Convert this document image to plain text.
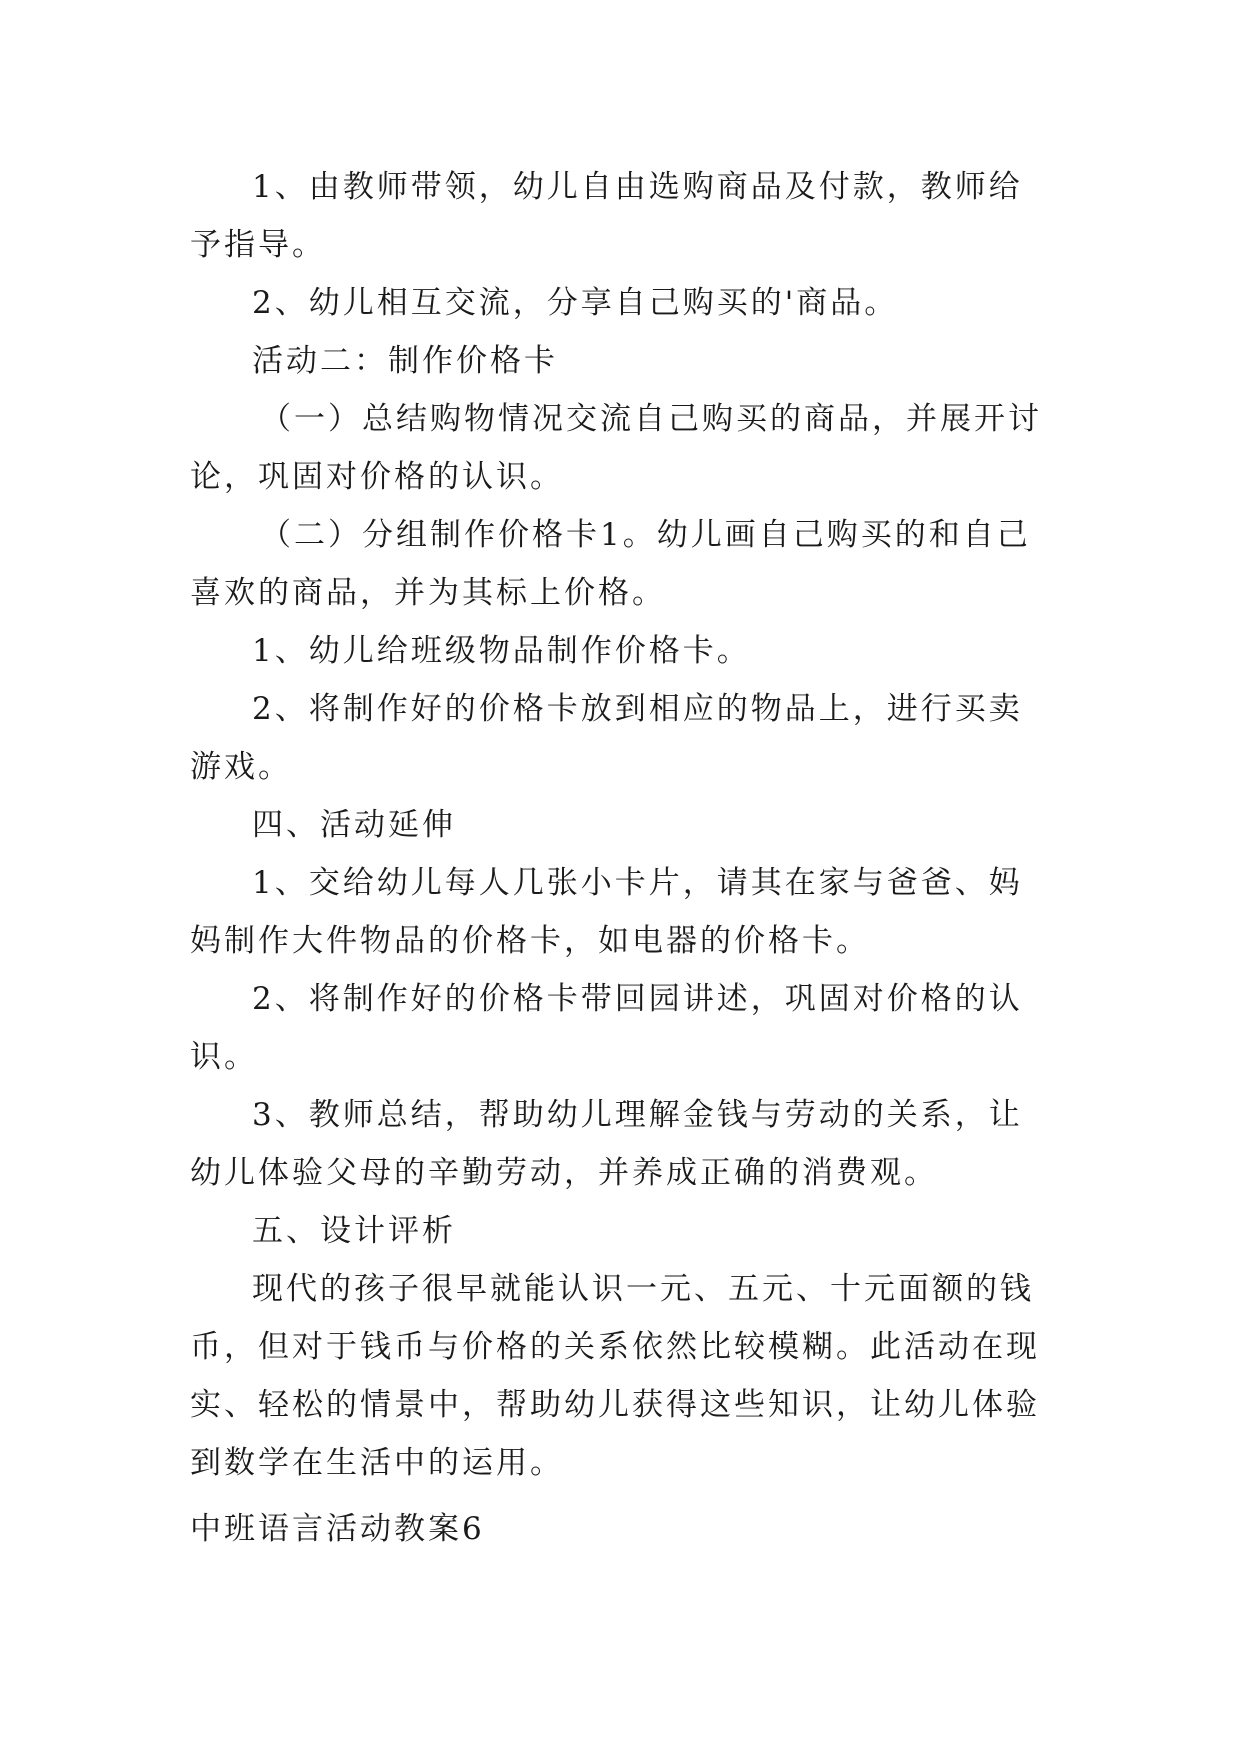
1、由教师带领，幼儿自由选购商品及付款，教师给予指导。

2、幼儿相互交流，分享自己购买的'商品。

活动二：制作价格卡

（一）总结购物情况交流自己购买的商品，并展开讨论，巩固对价格的认识。

（二）分组制作价格卡1。幼儿画自己购买的和自己喜欢的商品，并为其标上价格。

1、幼儿给班级物品制作价格卡。

2、将制作好的价格卡放到相应的物品上，进行买卖游戏。

四、活动延伸

1、交给幼儿每人几张小卡片，请其在家与爸爸、妈妈制作大件物品的价格卡，如电器的价格卡。

2、将制作好的价格卡带回园讲述，巩固对价格的认识。

3、教师总结，帮助幼儿理解金钱与劳动的关系，让幼儿体验父母的辛勤劳动，并养成正确的消费观。

五、设计评析

现代的孩子很早就能认识一元、五元、十元面额的钱币，但对于钱币与价格的关系依然比较模糊。此活动在现实、轻松的情景中，帮助幼儿获得这些知识，让幼儿体验到数学在生活中的运用。

中班语言活动教案6
